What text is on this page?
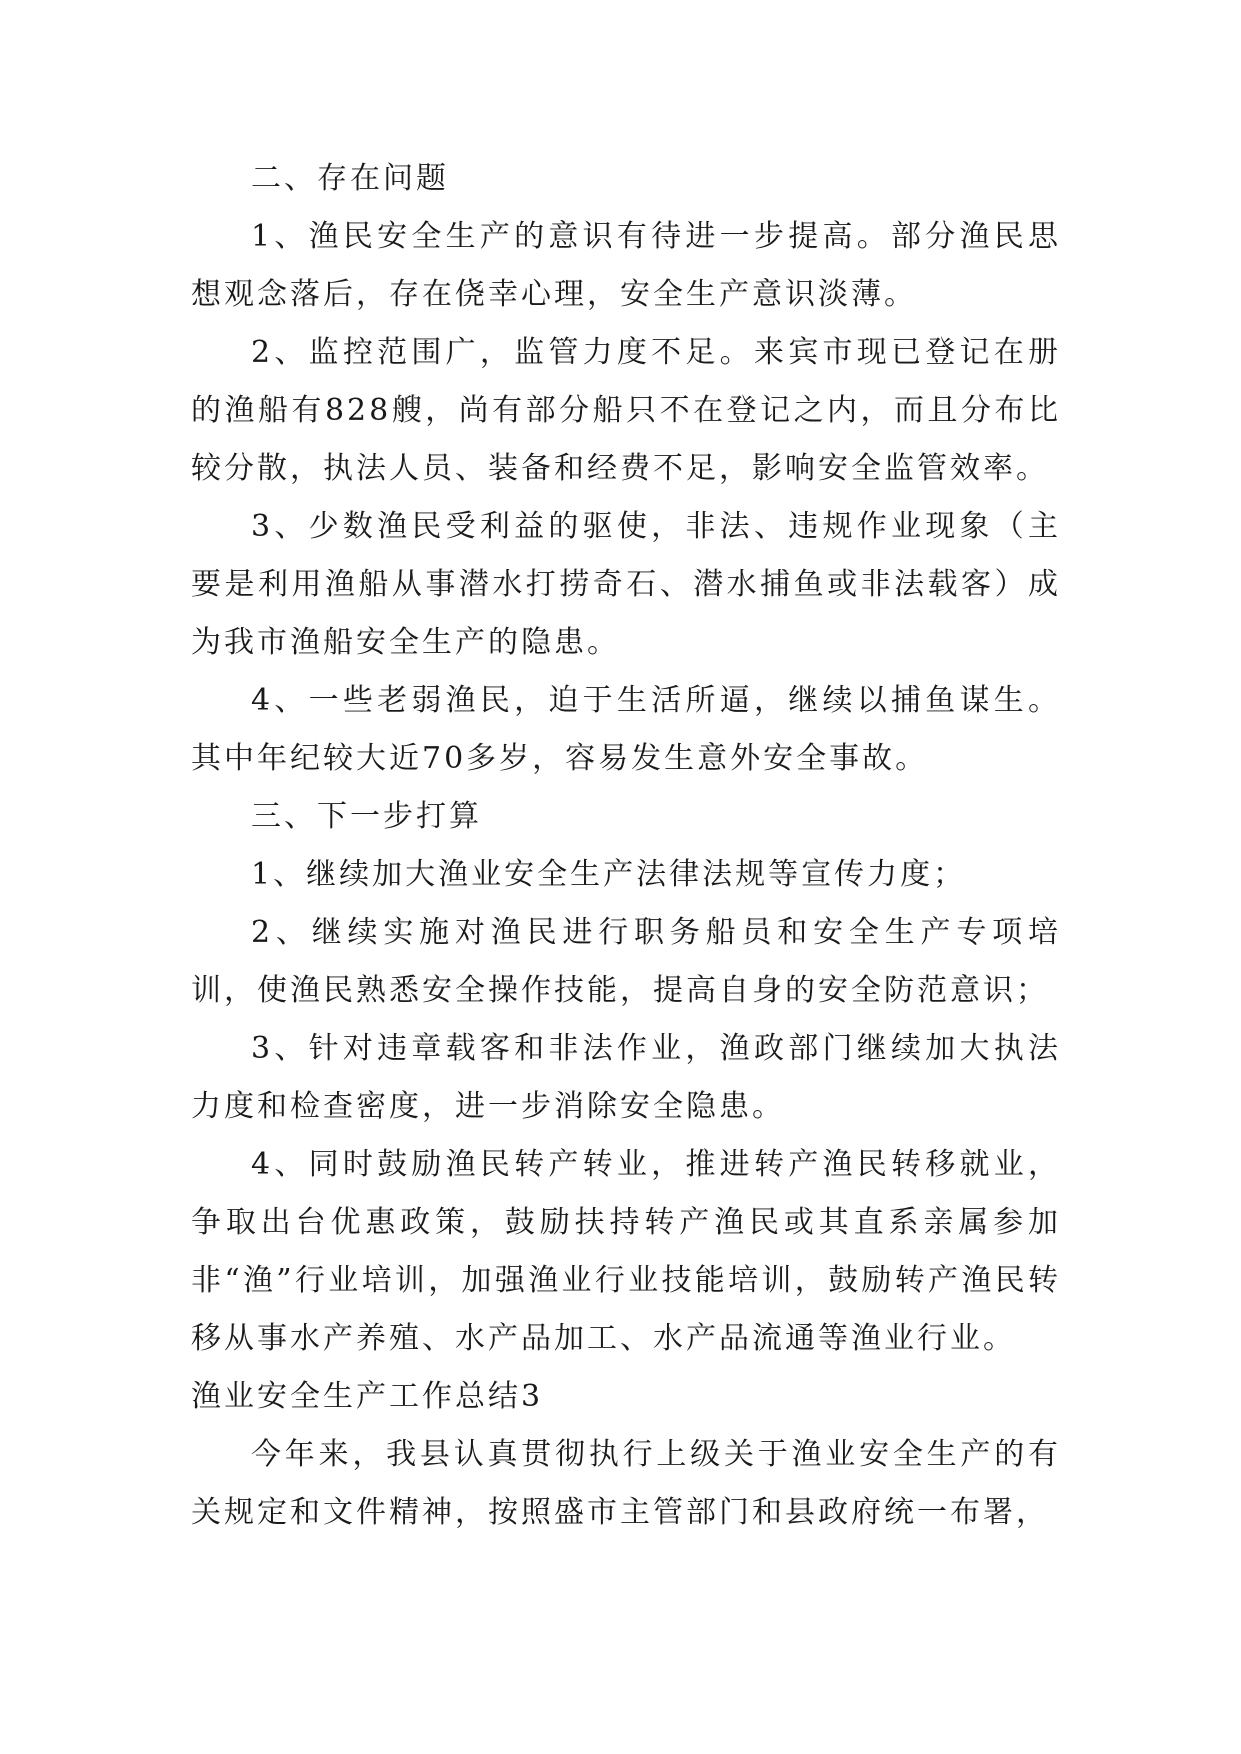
二、存在问题

1、渔民安全生产的意识有待进一步提高。部分渔民思想观念落后，存在侥幸心理，安全生产意识淡薄。

2、监控范围广，监管力度不足。来宾市现已登记在册的渔船有828艘，尚有部分船只不在登记之内，而且分布比较分散，执法人员、装备和经费不足，影响安全监管效率。

3、少数渔民受利益的驱使，非法、违规作业现象（主要是利用渔船从事潜水打捞奇石、潜水捕鱼或非法载客）成为我市渔船安全生产的隐患。

4、一些老弱渔民，迫于生活所逼，继续以捕鱼谋生。其中年纪较大近70多岁，容易发生意外安全事故。

三、下一步打算

1、继续加大渔业安全生产法律法规等宣传力度；

2、继续实施对渔民进行职务船员和安全生产专项培训，使渔民熟悉安全操作技能，提高自身的安全防范意识；

3、针对违章载客和非法作业，渔政部门继续加大执法力度和检查密度，进一步消除安全隐患。

4、同时鼓励渔民转产转业，推进转产渔民转移就业，争取出台优惠政策，鼓励扶持转产渔民或其直系亲属参加非“渔”行业培训，加强渔业行业技能培训，鼓励转产渔民转移从事水产养殖、水产品加工、水产品流通等渔业行业。

渔业安全生产工作总结3

今年来，我县认真贯彻执行上级关于渔业安全生产的有关规定和文件精神，按照盛市主管部门和县政府统一布署，
